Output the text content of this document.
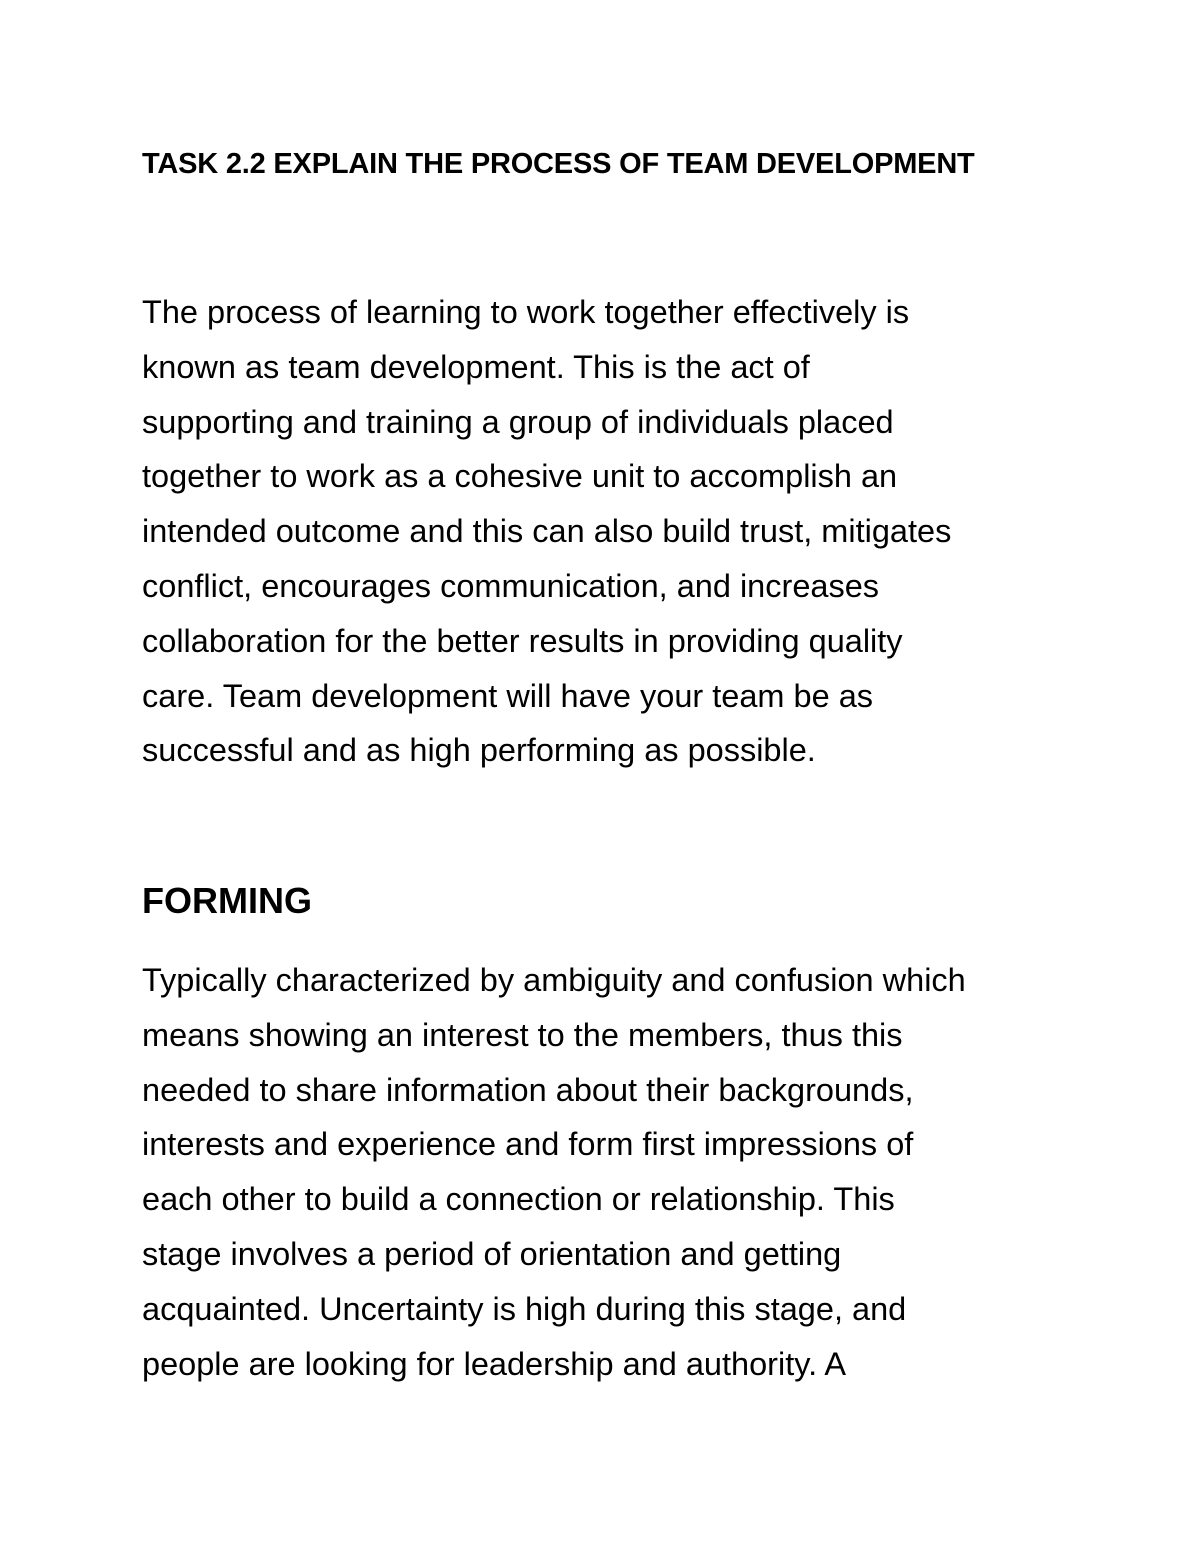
TASK 2.2 EXPLAIN THE PROCESS OF TEAM DEVELOPMENT

The process of learning to work together effectively is
known as team development. This is the act of
supporting and training a group of individuals placed
together to work as a cohesive unit to accomplish an
intended outcome and this can also build trust, mitigates
conflict, encourages communication, and increases
collaboration for the better results in providing quality
care. Team development will have your team be as
successful and as high performing as possible.

FORMING

Typically characterized by ambiguity and confusion which
means showing an interest to the members, thus this
needed to share information about their backgrounds,
interests and experience and form first impressions of
each other to build a connection or relationship. This
stage involves a period of orientation and getting
acquainted. Uncertainty is high during this stage, and
people are looking for leadership and authority. A
